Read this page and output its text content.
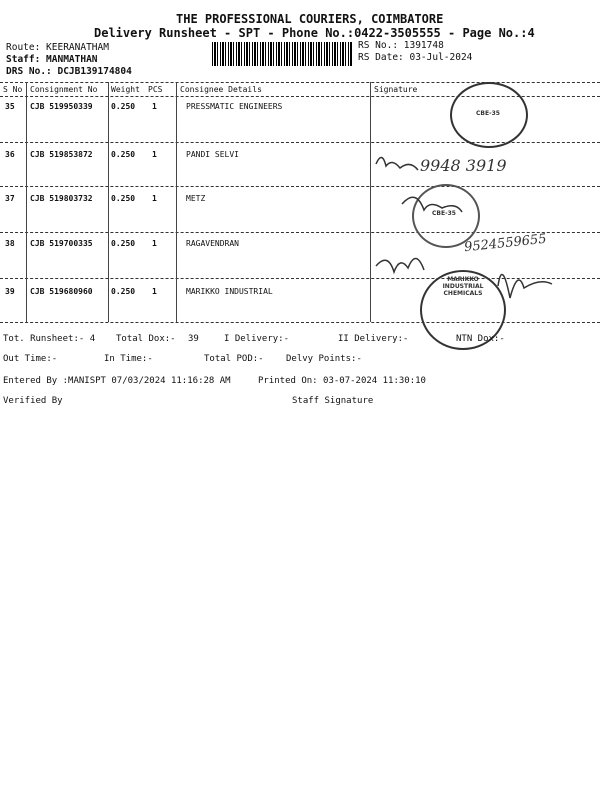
THE PROFESSIONAL COURIERS, COIMBATORE
Delivery Runsheet - SPT - Phone No.:0422-3505555 - Page No.:4
Route: KEERANATHAM
Staff: MANMATHAN
DRS No.: DCJB139174804
RS No.: 1391748
RS Date: 03-Jul-2024
S No Consignment No Weight PCS Consignee Details	Signature
35 CJB 519950339 0.250 1	PRESSMATIC ENGINEERS
36 CJB 519853872 0.250 1	PANDI SELVI
37 CJB 519803732 0.250 1	METZ
38 CJB 519700335 0.250 1	RAGAVENDRAN
39 CJB 519680960 0.250 1	MARIKKO INDUSTRIAL
CBE-35
CBE-35
MARIKKO INDUSTRIAL CHEMICALS
9948 3919
9524559655
Tot. Runsheet:- 4 Total Dox:- 39	I Delivery:-	II Delivery:-	NTN Dox:-
Out Time:-	In Time:-	Total POD:- Delvy Points:-
Entered By :MANISPT 07/03/2024 11:16:28 AM	Printed On: 03-07-2024 11:30:10
Verified By	Staff Signature
